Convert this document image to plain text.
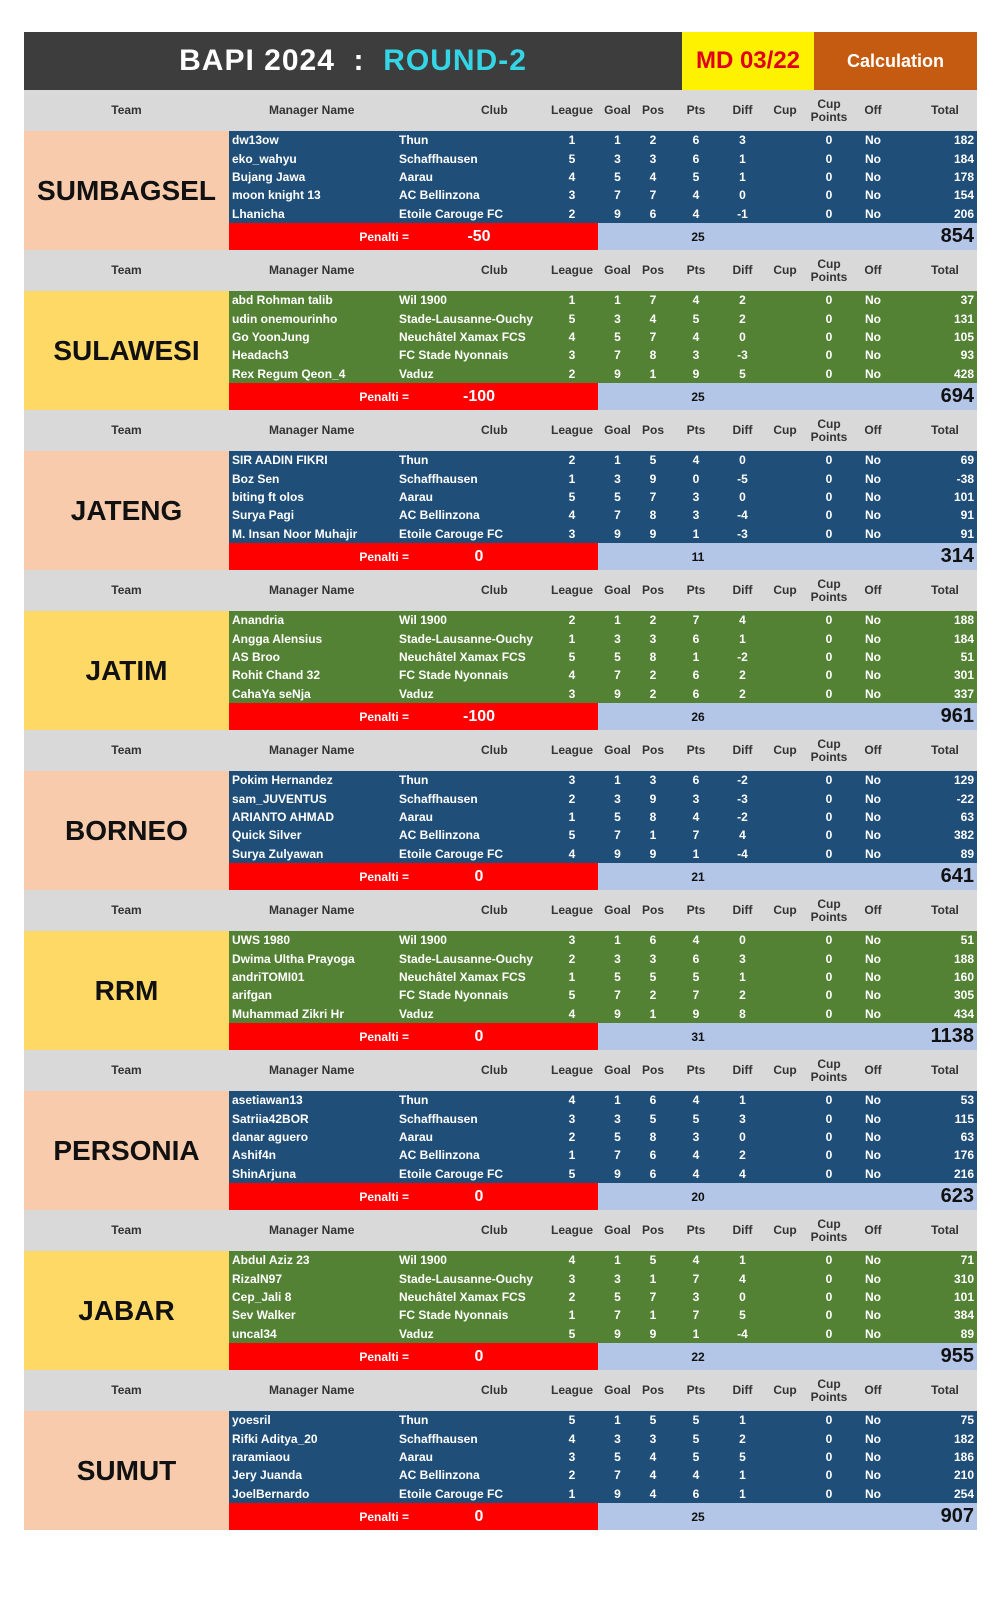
BAPI 2024  : ROUND-2	MD 03/22	Calculation
Team	Manager Name	Club	League Goal Pos	Pts	Diff	Cup	Cup Points	Off	Total
SUMBAGSEL
dw13ow	Thun	1	1	2	6	3	0	No	182
eko_wahyu	Schaffhausen	5	3	3	6	1	0	No	184
Bujang Jawa	Aarau	4	5	4	5	1	0	No	178
moon knight 13	AC Bellinzona	3	7	7	4	0	0	No	154
Lhanicha	Etoile Carouge FC	2	9	6	4	-1	0	No	206
Penalti =	-50	25	854
Team	Manager Name	Club	League Goal Pos	Pts	Diff	Cup	Cup Points	Off	Total
SULAWESI
abd Rohman talib	Wil 1900	1	1	7	4	2	0	No	37
udin onemourinho	Stade-Lausanne-Ouchy	5	3	4	5	2	0	No	131
Go YoonJung	Neuchâtel Xamax FCS	4	5	7	4	0	0	No	105
Headach3	FC Stade Nyonnais	3	7	8	3	-3	0	No	93
Rex Regum Qeon_4	Vaduz	2	9	1	9	5	0	No	428
Penalti =	-100	25	694
Team	Manager Name	Club	League Goal Pos	Pts	Diff	Cup	Cup Points	Off	Total
JATENG
SIR AADIN FIKRI	Thun	2	1	5	4	0	0	No	69
Boz Sen	Schaffhausen	1	3	9	0	-5	0	No	-38
biting ft olos	Aarau	5	5	7	3	0	0	No	101
Surya Pagi	AC Bellinzona	4	7	8	3	-4	0	No	91
M. Insan Noor Muhajir	Etoile Carouge FC	3	9	9	1	-3	0	No	91
Penalti =	0	11	314
Team	Manager Name	Club	League Goal Pos	Pts	Diff	Cup	Cup Points	Off	Total
JATIM
Anandria	Wil 1900	2	1	2	7	4	0	No	188
Angga Alensius	Stade-Lausanne-Ouchy	1	3	3	6	1	0	No	184
AS Broo	Neuchâtel Xamax FCS	5	5	8	1	-2	0	No	51
Rohit Chand 32	FC Stade Nyonnais	4	7	2	6	2	0	No	301
CahaYa seNja	Vaduz	3	9	2	6	2	0	No	337
Penalti =	-100	26	961
Team	Manager Name	Club	League Goal Pos	Pts	Diff	Cup	Cup Points	Off	Total
BORNEO
Pokim Hernandez	Thun	3	1	3	6	-2	0	No	129
sam_JUVENTUS	Schaffhausen	2	3	9	3	-3	0	No	-22
ARIANTO AHMAD	Aarau	1	5	8	4	-2	0	No	63
Quick Silver	AC Bellinzona	5	7	1	7	4	0	No	382
Surya Zulyawan	Etoile Carouge FC	4	9	9	1	-4	0	No	89
Penalti =	0	21	641
Team	Manager Name	Club	League Goal Pos	Pts	Diff	Cup	Cup Points	Off	Total
RRM
UWS 1980	Wil 1900	3	1	6	4	0	0	No	51
Dwima Ultha Prayoga	Stade-Lausanne-Ouchy	2	3	3	6	3	0	No	188
andriTOMI01	Neuchâtel Xamax FCS	1	5	5	5	1	0	No	160
arifgan	FC Stade Nyonnais	5	7	2	7	2	0	No	305
Muhammad Zikri Hr	Vaduz	4	9	1	9	8	0	No	434
Penalti =	0	31	1138
Team	Manager Name	Club	League Goal Pos	Pts	Diff	Cup	Cup Points	Off	Total
PERSONIA
asetiawan13	Thun	4	1	6	4	1	0	No	53
Satriia42BOR	Schaffhausen	3	3	5	5	3	0	No	115
danar aguero	Aarau	2	5	8	3	0	0	No	63
Ashif4n	AC Bellinzona	1	7	6	4	2	0	No	176
ShinArjuna	Etoile Carouge FC	5	9	6	4	4	0	No	216
Penalti =	0	20	623
Team	Manager Name	Club	League Goal Pos	Pts	Diff	Cup	Cup Points	Off	Total
JABAR
Abdul Aziz 23	Wil 1900	4	1	5	4	1	0	No	71
RizalN97	Stade-Lausanne-Ouchy	3	3	1	7	4	0	No	310
Cep_Jali 8	Neuchâtel Xamax FCS	2	5	7	3	0	0	No	101
Sev Walker	FC Stade Nyonnais	1	7	1	7	5	0	No	384
uncal34	Vaduz	5	9	9	1	-4	0	No	89
Penalti =	0	22	955
Team	Manager Name	Club	League Goal Pos	Pts	Diff	Cup	Cup Points	Off	Total
SUMUT
yoesril	Thun	5	1	5	5	1	0	No	75
Rifki Aditya_20	Schaffhausen	4	3	3	5	2	0	No	182
raramiaou	Aarau	3	5	4	5	5	0	No	186
Jery Juanda	AC Bellinzona	2	7	4	4	1	0	No	210
JoelBernardo	Etoile Carouge FC	1	9	4	6	1	0	No	254
Penalti =	0	25	907
